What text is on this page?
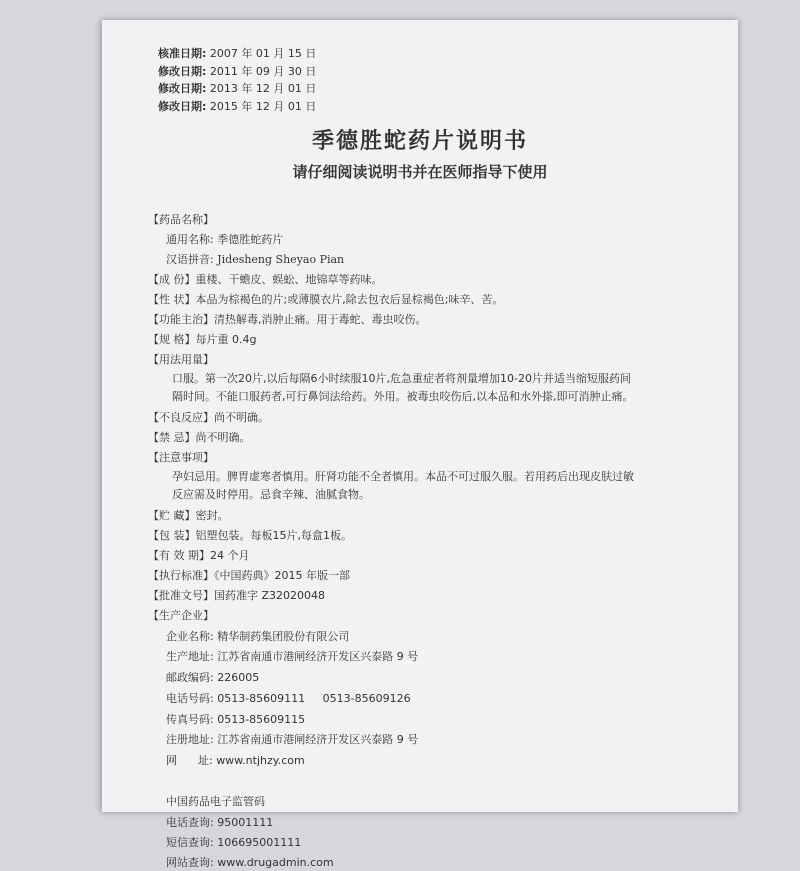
核准日期: 2007 年 01 月 15 日
修改日期: 2011 年 09 月 30 日
修改日期: 2013 年 12 月 01 日
修改日期: 2015 年 12 月 01 日
季德胜蛇药片说明书
请仔细阅读说明书并在医师指导下使用
【药品名称】
通用名称: 季德胜蛇药片
汉语拼音: Jidesheng Sheyao Pian
【成 份】重楼、干蟾皮、蜈蚣、地锦草等药味。
【性 状】本品为棕褐色的片;或薄膜衣片,除去包衣后显棕褐色;味辛、苦。
【功能主治】清热解毒,消肿止痛。用于毒蛇、毒虫咬伤。
【规 格】每片重 0.4g
【用法用量】
口服。第一次20片,以后每隔6小时续服10片,危急重症者将剂量增加10-20片并适当缩短服药间
隔时间。不能口服药者,可行鼻饲法给药。外用。被毒虫咬伤后,以本品和水外搽,即可消肿止痛。
【不良反应】尚不明确。
【禁 忌】尚不明确。
【注意事项】
孕妇忌用。脾胃虚寒者慎用。肝肾功能不全者慎用。本品不可过服久服。若用药后出现皮肤过敏
反应需及时停用。忌食辛辣、油腻食物。
【贮 藏】密封。
【包 装】铝塑包装。每板15片,每盒1板。
【有 效 期】24 个月
【执行标准】《中国药典》2015 年版一部
【批准文号】国药准字 Z32020048
【生产企业】
企业名称: 精华制药集团股份有限公司
生产地址: 江苏省南通市港闸经济开发区兴泰路 9 号
邮政编码: 226005
电话号码: 0513-85609111     0513-85609126
传真号码: 0513-85609115
注册地址: 江苏省南通市港闸经济开发区兴泰路 9 号
网      址: www.ntjhzy.com
中国药品电子监管码
电话查询: 95001111
短信查询: 106695001111
网站查询: www.drugadmin.com
